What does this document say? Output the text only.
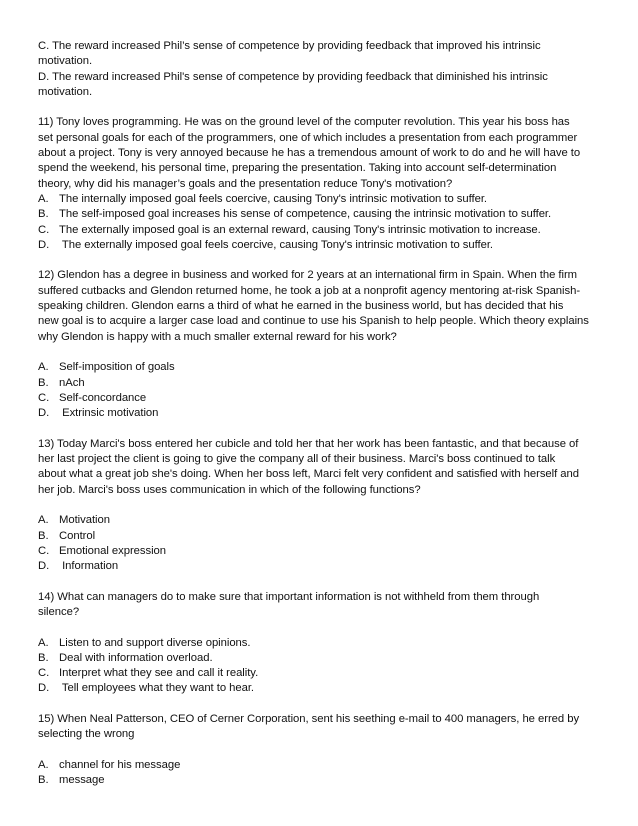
C. The reward increased Phil’s sense of competence by providing feedback that improved his intrinsic
motivation.
D. The reward increased Phil's sense of competence by providing feedback that diminished his intrinsic
motivation.
11) Tony loves programming. He was on the ground level of the computer revolution. This year his boss has
set personal goals for each of the programmers, one of which includes a presentation from each programmer
about a project. Tony is very annoyed because he has a tremendous amount of work to do and he will have to
spend the weekend, his personal time, preparing the presentation. Taking into account self-determination
theory, why did his manager’s goals and the presentation reduce Tony's motivation?
A. The internally imposed goal feels coercive, causing Tony's intrinsic motivation to suffer.
B. The self-imposed goal increases his sense of competence, causing the intrinsic motivation to suffer.
C. The externally imposed goal is an external reward, causing Tony's intrinsic motivation to increase.
D. The externally imposed goal feels coercive, causing Tony's intrinsic motivation to suffer.
12) Glendon has a degree in business and worked for 2 years at an international firm in Spain. When the firm
suffered cutbacks and Glendon returned home, he took a job at a nonprofit agency mentoring at-risk Spanish-
speaking children. Glendon earns a third of what he earned in the business world, but has decided that his
new goal is to acquire a larger case load and continue to use his Spanish to help people. Which theory explains
why Glendon is happy with a much smaller external reward for his work?
A. Self-imposition of goals
B. nAch
C. Self-concordance
D. Extrinsic motivation
13) Today Marci's boss entered her cubicle and told her that her work has been fantastic, and that because of
her last project the client is going to give the company all of their business. Marci's boss continued to talk
about what a great job she's doing. When her boss left, Marci felt very confident and satisfied with herself and
her job. Marci's boss uses communication in which of the following functions?
A. Motivation
B. Control
C. Emotional expression
D. Information
14) What can managers do to make sure that important information is not withheld from them through
silence?
A. Listen to and support diverse opinions.
B. Deal with information overload.
C. Interpret what they see and call it reality.
D. Tell employees what they want to hear.
15) When Neal Patterson, CEO of Cerner Corporation, sent his seething e-mail to 400 managers, he erred by
selecting the wrong
A. channel for his message
B. message
